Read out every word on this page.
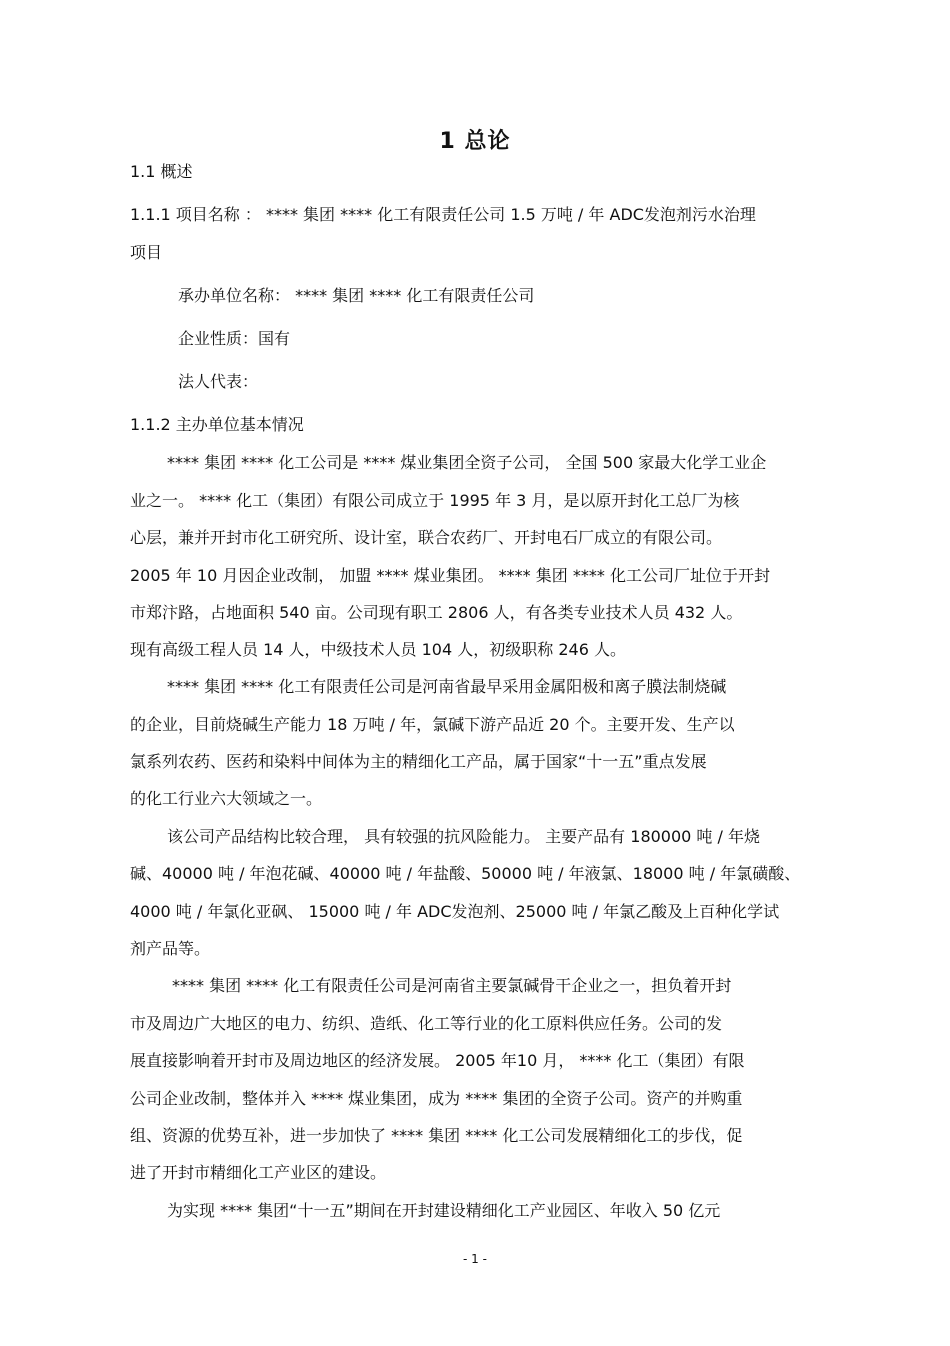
1 总论
1.1 概述
1.1.1 项目名称 ： **** 集团 **** 化工有限责任公司 1.5 万吨 / 年 ADC发泡剂污水治理
项目
承办单位名称： **** 集团 **** 化工有限责任公司
企业性质：国有
法人代表：
1.1.2 主办单位基本情况
**** 集团 **** 化工公司是 **** 煤业集团全资子公司， 全国 500 家最大化学工业企
业之一。 **** 化工（集团）有限公司成立于 1995 年 3 月，是以原开封化工总厂为核
心层，兼并开封市化工研究所、设计室，联合农药厂、开封电石厂成立的有限公司。
2005 年 10 月因企业改制， 加盟 **** 煤业集团。 **** 集团 **** 化工公司厂址位于开封
市郑汴路，占地面积 540 亩。公司现有职工 2806 人，有各类专业技术人员 432 人。
现有高级工程人员 14 人，中级技术人员 104 人，初级职称 246 人。
**** 集团 **** 化工有限责任公司是河南省最早采用金属阳极和离子膜法制烧碱
的企业，目前烧碱生产能力 18 万吨 / 年，氯碱下游产品近 20 个。主要开发、生产以
氯系列农药、医药和染料中间体为主的精细化工产品，属于国家“十一五”重点发展
的化工行业六大领域之一。
该公司产品结构比较合理， 具有较强的抗风险能力。 主要产品有 180000 吨 / 年烧
碱、40000 吨 / 年泡花碱、40000 吨 / 年盐酸、50000 吨 / 年液氯、18000 吨 / 年氯磺酸、
4000 吨 / 年氯化亚砜、 15000 吨 / 年 ADC发泡剂、25000 吨 / 年氯乙酸及上百种化学试
剂产品等。
**** 集团 **** 化工有限责任公司是河南省主要氯碱骨干企业之一，担负着开封
市及周边广大地区的电力、纺织、造纸、化工等行业的化工原料供应任务。公司的发
展直接影响着开封市及周边地区的经济发展。 2005 年10 月， **** 化工（集团）有限
公司企业改制，整体并入 **** 煤业集团，成为 **** 集团的全资子公司。资产的并购重
组、资源的优势互补，进一步加快了 **** 集团 **** 化工公司发展精细化工的步伐，促
进了开封市精细化工产业区的建设。
为实现 **** 集团“十一五”期间在开封建设精细化工产业园区、年收入 50 亿元
- 1 -
